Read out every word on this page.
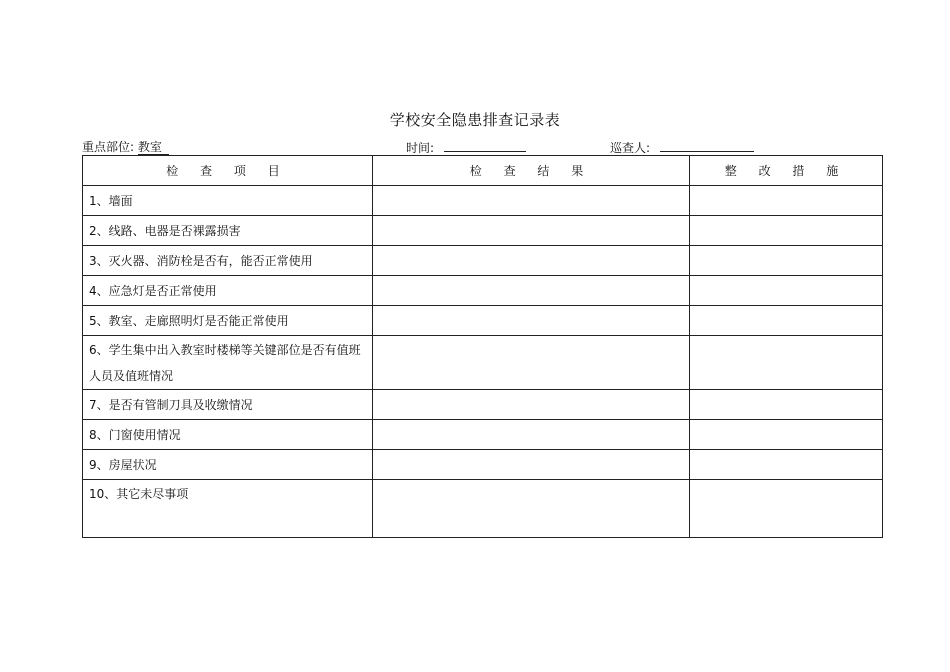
学校安全隐患排查记录表
重点部位: 教室	时间:	巡查人:
检 查 项 目	检 查 结 果	整 改 措 施
1、墙面		
2、线路、电器是否裸露损害		
3、灭火器、消防栓是否有，能否正常使用		
4、应急灯是否正常使用		
5、教室、走廊照明灯是否能正常使用		
6、学生集中出入教室时楼梯等关键部位是否有值班人员及值班情况		
7、是否有管制刀具及收缴情况		
8、门窗使用情况		
9、房屋状况		
10、其它未尽事项		
